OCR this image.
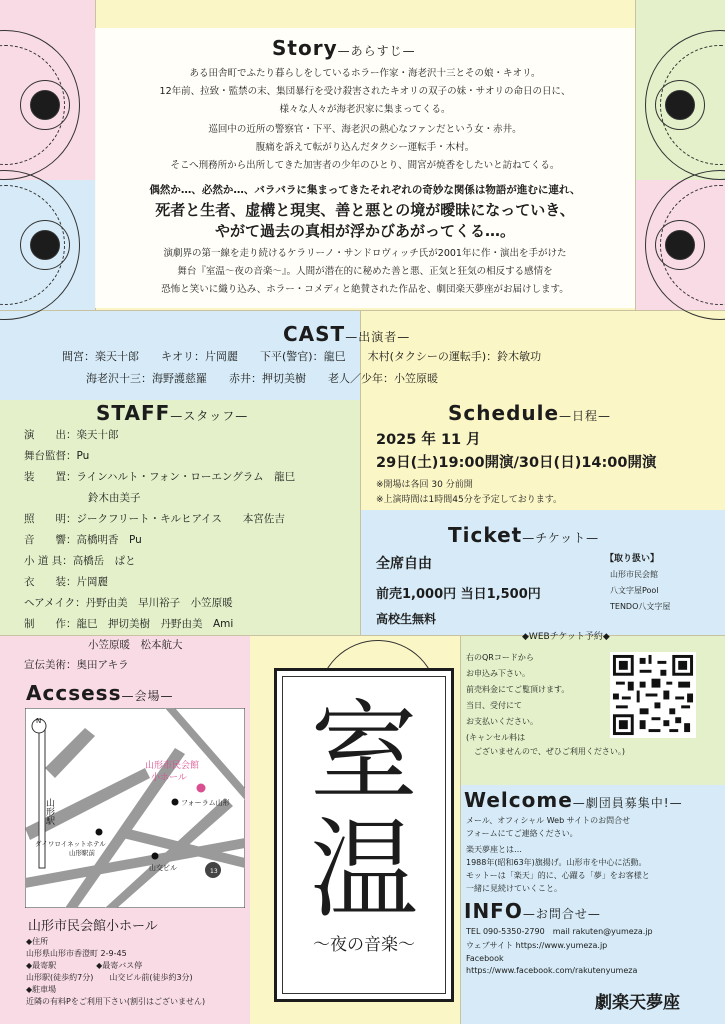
Story—あらすじ—
ある田舎町でふたり暮らしをしているホラー作家・海老沢十三とその娘・キオリ。
12年前、拉致・監禁の末、集団暴行を受け殺害されたキオリの双子の妹・サオリの命日の日に、
様々な人々が海老沢家に集まってくる。
巡回中の近所の警察官・下平、海老沢の熱心なファンだという女・赤井。
腹痛を訴えて転がり込んだタクシー運転手・木村。
そこへ刑務所から出所してきた加害者の少年のひとり、間宮が焼香をしたいと訪ねてくる。
偶然か…、必然か…、バラバラに集まってきたそれぞれの奇妙な関係は物語が進むに連れ、
死者と生者、虚構と現実、善と悪との境が曖昧になっていき、
やがて過去の真相が浮かびあがってくる…。
演劇界の第一線を走り続けるケラリーノ・サンドロヴィッチ氏が2001年に作・演出を手がけた
舞台『室温～夜の音楽～』。人間が潜在的に秘めた善と悪、正気と狂気の相反する感情を
恐怖と笑いに織り込み、ホラー・コメディと絶賛された作品を、劇団楽天夢座がお届けします。
CAST—出演者—
間宮：楽天十郎　　キオリ：片岡麗　　下平(警官)：龍巳　　木村(タクシーの運転手)：鈴木敏功
海老沢十三：海野護慈羅　　赤井：押切美樹　　老人／少年：小笠原暖
STAFF—スタッフ—
演　　出：楽天十郎
舞台監督：Pu
装　　置：ラインハルト・フォン・ローエングラム　龍巳
鈴木由美子
照　　明：ジークフリート・キルヒアイス　　本宮佐吉
音　　響：高橋明香　Pu
小 道 具：高橋岳　ぱと
衣　　装：片岡麗
ヘアメイク：丹野由美　早川裕子　小笠原暖
制　　作：龍巳　押切美樹　丹野由美　Ami
小笠原暖　松本航大
宣伝美術：奥田アキラ
Schedule—日程—
2025 年 11 月
29日(土)19:00開演/30日(日)14:00開演
※開場は各回 30 分前開
※上演時間は1時間45分を予定しております。
Ticket—チケット—
全席自由
前売1,000円 当日1,500円
高校生無料
【取り扱い】
山形市民会館
八文字屋Pool
TENDO八文字屋
◆WEBチケット予約◆
右のQRコードから
お申込み下さい。
前売料金にてご覧頂けます。
当日、受付にて
お支払いください。
(キャンセル料は
　ございませんので、ぜひご利用ください。)
Accsess—会場—
N
山形市民会館
小ホール
フォーラム山形
ダイワロイネットホテル
山形駅前
山交ビル	13
山形駅
山形市民会館小ホール
◆住所
山形県山形市香澄町 2-9-45
◆最寄駅　　　　　◆最寄バス停
山形駅(徒歩約7分)　　山交ビル前(徒歩約3分)
◆駐車場
近隣の有料Pをご利用下さい(割引はございません)
室温
〜夜の音楽〜
Welcome—劇団員募集中!—
メール、オフィシャル Web サイトのお問合せ
フォームにてご連絡ください。
楽天夢座とは…
1988年(昭和63年)旗揚げ。山形市を中心に活動。
モットーは「楽天」的に、心躍る「夢」をお客様と
一緒に見続けていくこと。
INFO—お問合せ—
TEL 090-5350-2790　mail rakuten@yumeza.jp
ウェブサイト https://www.yumeza.jp
Facebook
https://www.facebook.com/rakutenyumeza
劇楽天夢座
